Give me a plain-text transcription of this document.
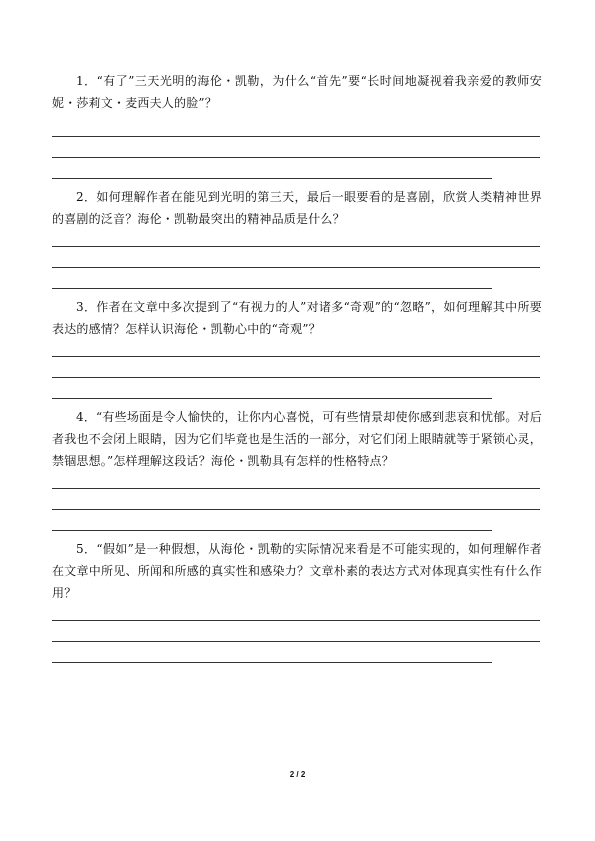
1．“有了”三天光明的海伦・凯勒，为什么“首先”要“长时间地凝视着我亲爱的教师安妮・莎莉文・麦西夫人的脸”？

2．如何理解作者在能见到光明的第三天，最后一眼要看的是喜剧，欣赏人类精神世界的喜剧的泛音？海伦・凯勒最突出的精神品质是什么？

3．作者在文章中多次提到了“有视力的人”对诸多“奇观”的“忽略”，如何理解其中所要表达的感情？怎样认识海伦・凯勒心中的“奇观”？

4．“有些场面是令人愉快的，让你内心喜悦，可有些情景却使你感到悲哀和忧郁。对后者我也不会闭上眼睛，因为它们毕竟也是生活的一部分，对它们闭上眼睛就等于紧锁心灵，禁锢思想。”怎样理解这段话？海伦・凯勒具有怎样的性格特点？

5．“假如”是一种假想，从海伦・凯勒的实际情况来看是不可能实现的，如何理解作者在文章中所见、所闻和所感的真实性和感染力？文章朴素的表达方式对体现真实性有什么作用？

2 / 2
